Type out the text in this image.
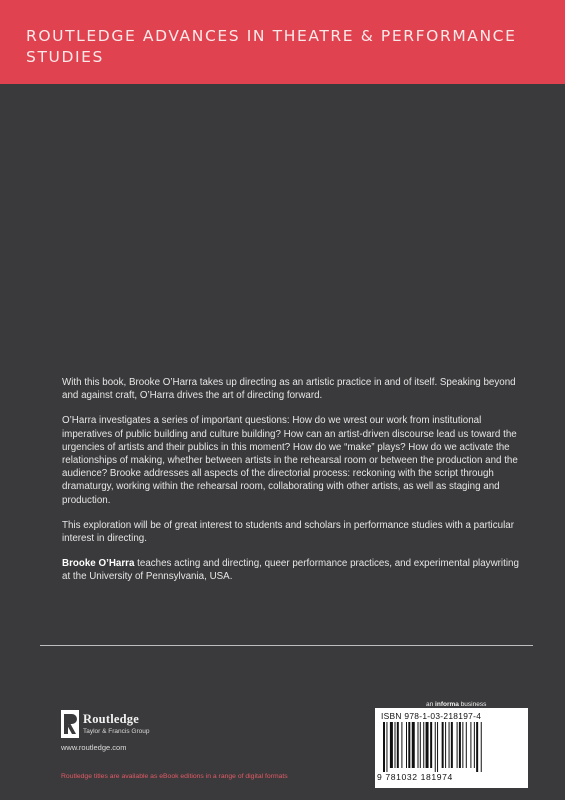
ROUTLEDGE ADVANCES IN THEATRE & PERFORMANCE STUDIES

With this book, Brooke O’Harra takes up directing as an artistic practice in and of itself. Speaking beyond and against craft, O’Harra drives the art of directing forward.

O’Harra investigates a series of important questions: How do we wrest our work from institutional imperatives of public building and culture building? How can an artist-driven discourse lead us toward the urgencies of artists and their publics in this moment? How do we “make” plays? How do we activate the relationships of making, whether between artists in the rehearsal room or between the production and the audience? Brooke addresses all aspects of the directorial process: reckoning with the script through dramaturgy, working within the rehearsal room, collaborating with other artists, as well as staging and production.

This exploration will be of great interest to students and scholars in performance studies with a particular interest in directing.

Brooke O’Harra teaches acting and directing, queer performance practices, and experimental playwriting at the University of Pennsylvania, USA.

Routledge
Taylor & Francis Group
www.routledge.com
Routledge titles are available as eBook editions in a range of digital formats
an informa business
ISBN 978-1-03-218197-4
9 781032 181974
